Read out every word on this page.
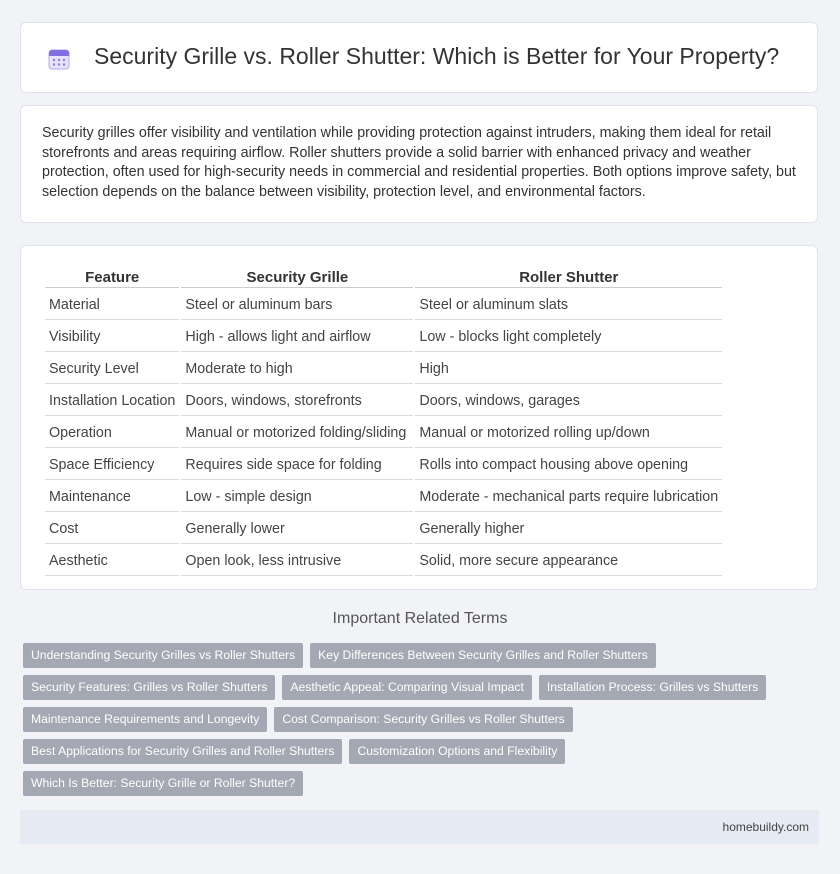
Security Grille vs. Roller Shutter: Which is Better for Your Property?

Security grilles offer visibility and ventilation while providing protection against intruders, making them ideal for retail storefronts and areas requiring airflow. Roller shutters provide a solid barrier with enhanced privacy and weather protection, often used for high-security needs in commercial and residential properties. Both options improve safety, but selection depends on the balance between visibility, protection level, and environmental factors.

Feature	Security Grille	Roller Shutter
Material	Steel or aluminum bars	Steel or aluminum slats
Visibility	High - allows light and airflow	Low - blocks light completely
Security Level	Moderate to high	High
Installation Location	Doors, windows, storefronts	Doors, windows, garages
Operation	Manual or motorized folding/sliding	Manual or motorized rolling up/down
Space Efficiency	Requires side space for folding	Rolls into compact housing above opening
Maintenance	Low - simple design	Moderate - mechanical parts require lubrication
Cost	Generally lower	Generally higher
Aesthetic	Open look, less intrusive	Solid, more secure appearance
Important Related Terms
Understanding Security Grilles vs Roller Shutters	Key Differences Between Security Grilles and Roller Shutters
Security Features: Grilles vs Roller Shutters	Aesthetic Appeal: Comparing Visual Impact	Installation Process: Grilles vs Shutters
Maintenance Requirements and Longevity	Cost Comparison: Security Grilles vs Roller Shutters
Best Applications for Security Grilles and Roller Shutters	Customization Options and Flexibility
Which Is Better: Security Grille or Roller Shutter?
homebuildy.com
